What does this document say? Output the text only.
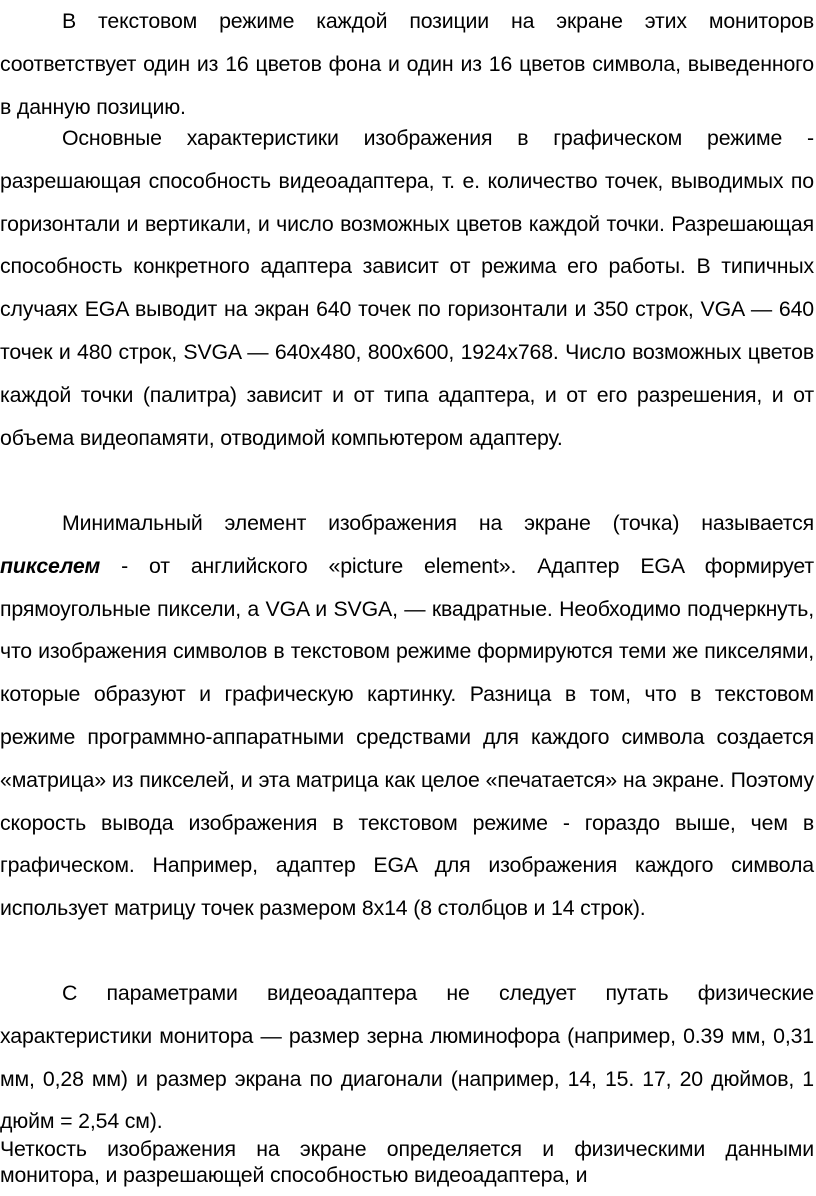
В текстовом режиме каждой позиции на экране этих мониторов соответствует один из 16 цветов фона и один из 16 цветов символа, выведенного в данную позицию.

Основные характеристики изображения в графическом режиме - разрешающая способность видеоадаптера, т. е. количество точек, выводимых по горизонтали и вертикали, и число возможных цветов каждой точки. Разрешающая способность конкретного адаптера зависит от режима его работы. В типичных случаях EGA выводит на экран 640 точек по горизонтали и 350 строк, VGA — 640 точек и 480 строк, SVGA — 640x480, 800x600, 1924x768. Число возможных цветов каждой точки (палитра) зависит и от типа адаптера, и от его разрешения, и от объема видеопамяти, отводимой компьютером адаптеру.

Минимальный элемент изображения на экране (точка) называется пикселем - от английского «picture element». Адаптер EGA формирует прямоугольные пиксели, а VGA и SVGA, — квадратные. Необходимо подчеркнуть, что изображения символов в текстовом режиме формируются теми же пикселями, которые образуют и графическую картинку. Разница в том, что в текстовом режиме программно-аппаратными средствами для каждого символа создается «матрица» из пикселей, и эта матрица как целое «печатается» на экране. Поэтому скорость вывода изображения в текстовом режиме - гораздо выше, чем в графическом. Например, адаптер EGA для изображения каждого символа использует матрицу точек размером 8x14 (8 столбцов и 14 строк).

С параметрами видеоадаптера не следует путать физические характеристики монитора — размер зерна люминофора (например, 0.39 мм, 0,31 мм, 0,28 мм) и размер экрана по диагонали (например, 14, 15. 17, 20 дюймов, 1 дюйм = 2,54 см).

Четкость изображения на экране определяется и физическими данными монитора, и разрешающей способностью видеоадаптера, и
